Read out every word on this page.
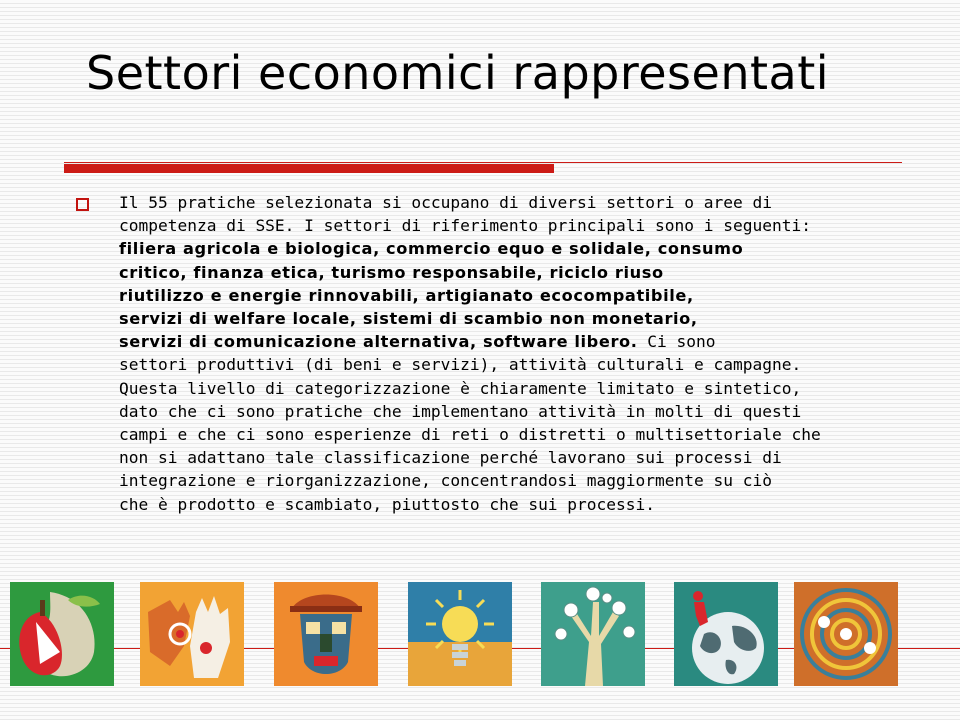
Settori economici rappresentati

Il 55 pratiche selezionata si occupano di diversi settori o aree di
competenza di SSE. I settori di riferimento principali sono i seguenti:
filiera agricola e biologica, commercio equo e solidale, consumo
critico, finanza etica, turismo responsabile, riciclo riuso
riutilizzo e energie rinnovabili, artigianato ecocompatibile,
servizi di welfare locale, sistemi di scambio non monetario,
servizi di comunicazione alternativa, software libero. Ci sono
settori produttivi (di beni e servizi), attività culturali e campagne.
Questa livello di categorizzazione è chiaramente limitato e sintetico,
dato che ci sono pratiche che implementano attività in molti di questi
campi e che ci sono esperienze di reti o distretti o multisettoriale che
non si adattano tale classificazione perché lavorano sui processi di
integrazione e riorganizzazione, concentrandosi maggiormente su ciò
che è prodotto e scambiato, piuttosto che sui processi.
